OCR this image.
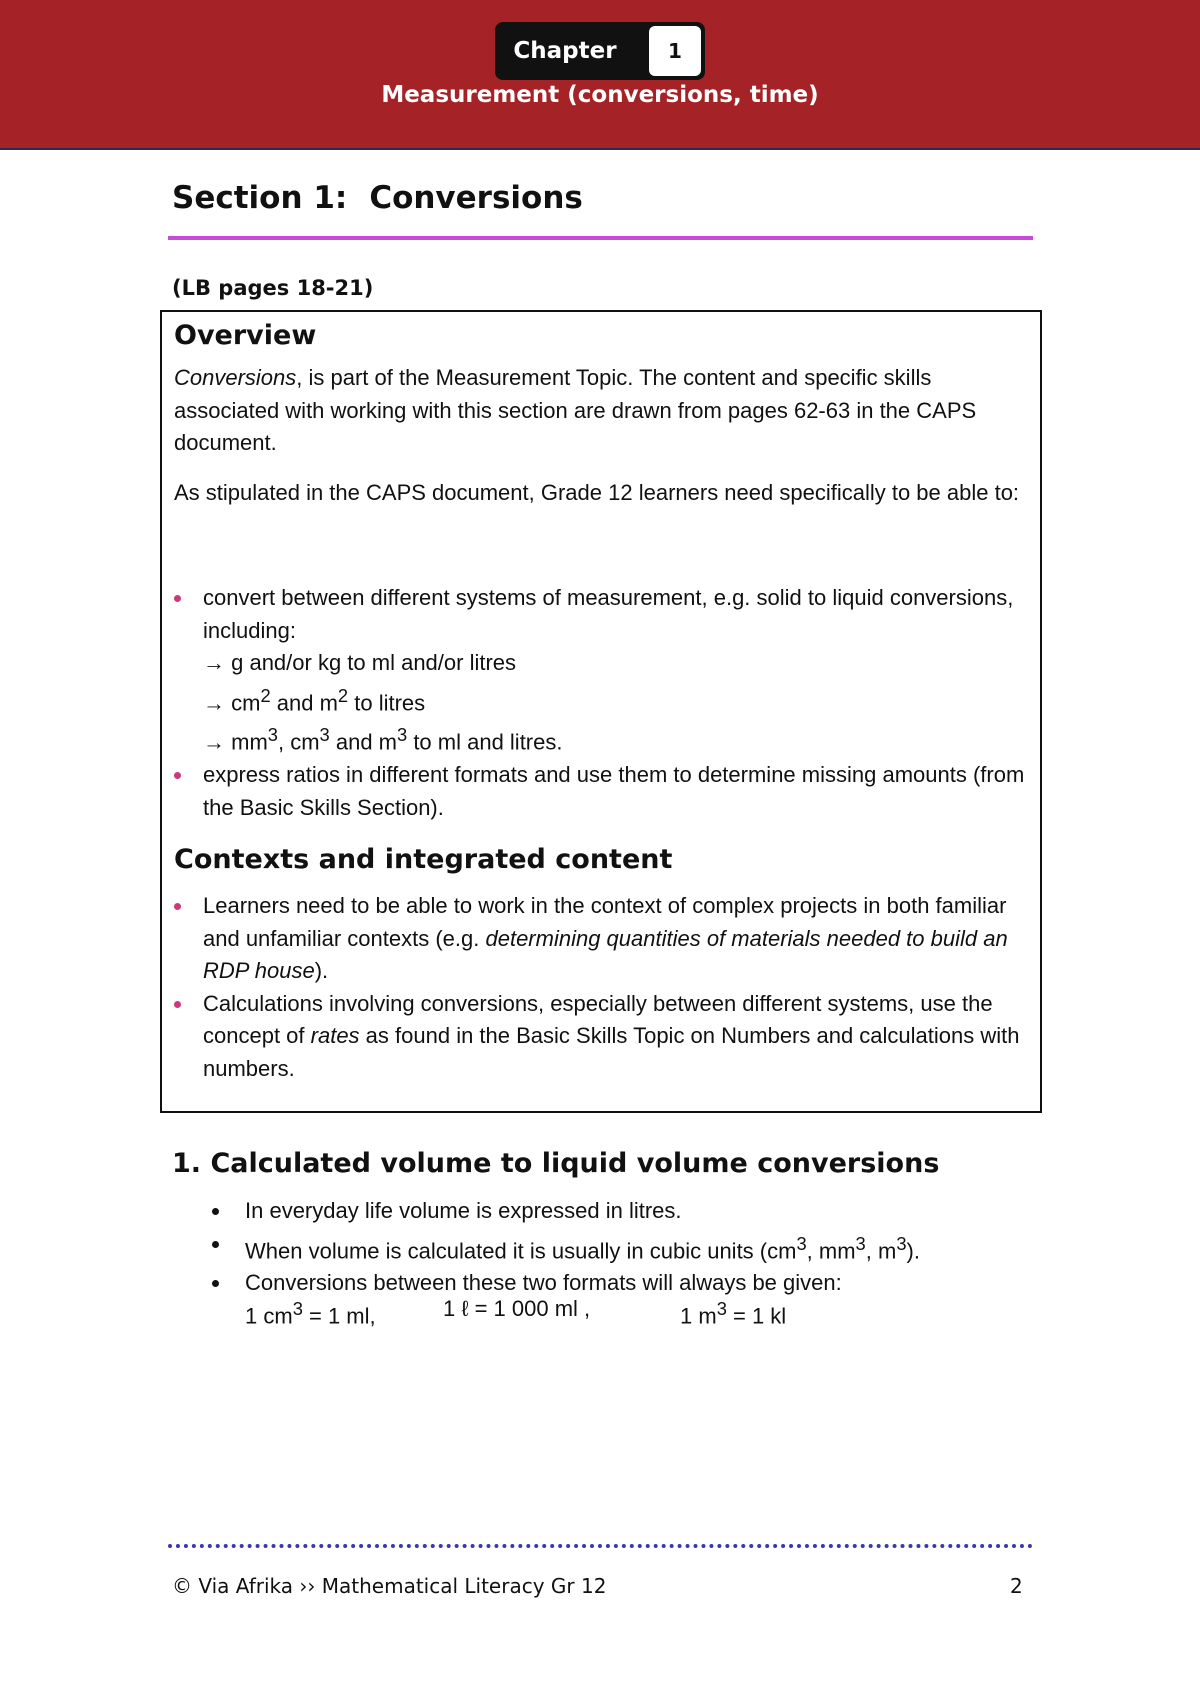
Chapter	1
Measurement (conversions, time)
Section 1: Conversions
(LB pages 18-21)
Overview

Conversions, is part of the Measurement Topic. The content and specific skills associated with working with this section are drawn from pages 62-63 in the CAPS document.

As stipulated in the CAPS document, Grade 12 learners need specifically to be able to:

convert between different systems of measurement, e.g. solid to liquid conversions, including:
→ g and/or kg to ml and/or litres
→ $cm^2$ and $m^2$ to litres
→ $mm^3$, $cm^3$ and $m^3$ to ml and litres.
express ratios in different formats and use them to determine missing amounts (from the Basic Skills Section).
Contexts and integrated content
Learners need to be able to work in the context of complex projects in both familiar and unfamiliar contexts (e.g. determining quantities of materials needed to build an RDP house).
Calculations involving conversions, especially between different systems, use the concept of rates as found in the Basic Skills Topic on Numbers and calculations with numbers.
1. Calculated volume to liquid volume conversions
In everyday life volume is expressed in litres.
When volume is calculated it is usually in cubic units ($cm^3$, $mm^3$, $m^3$).
Conversions between these two formats will always be given:
1 $cm^3 = 1$ ml,	1 ℓ = 1 000 ml ,	1 $m^3 = 1$ kl
© Via Afrika ›› Mathematical Literacy Gr 12	2
